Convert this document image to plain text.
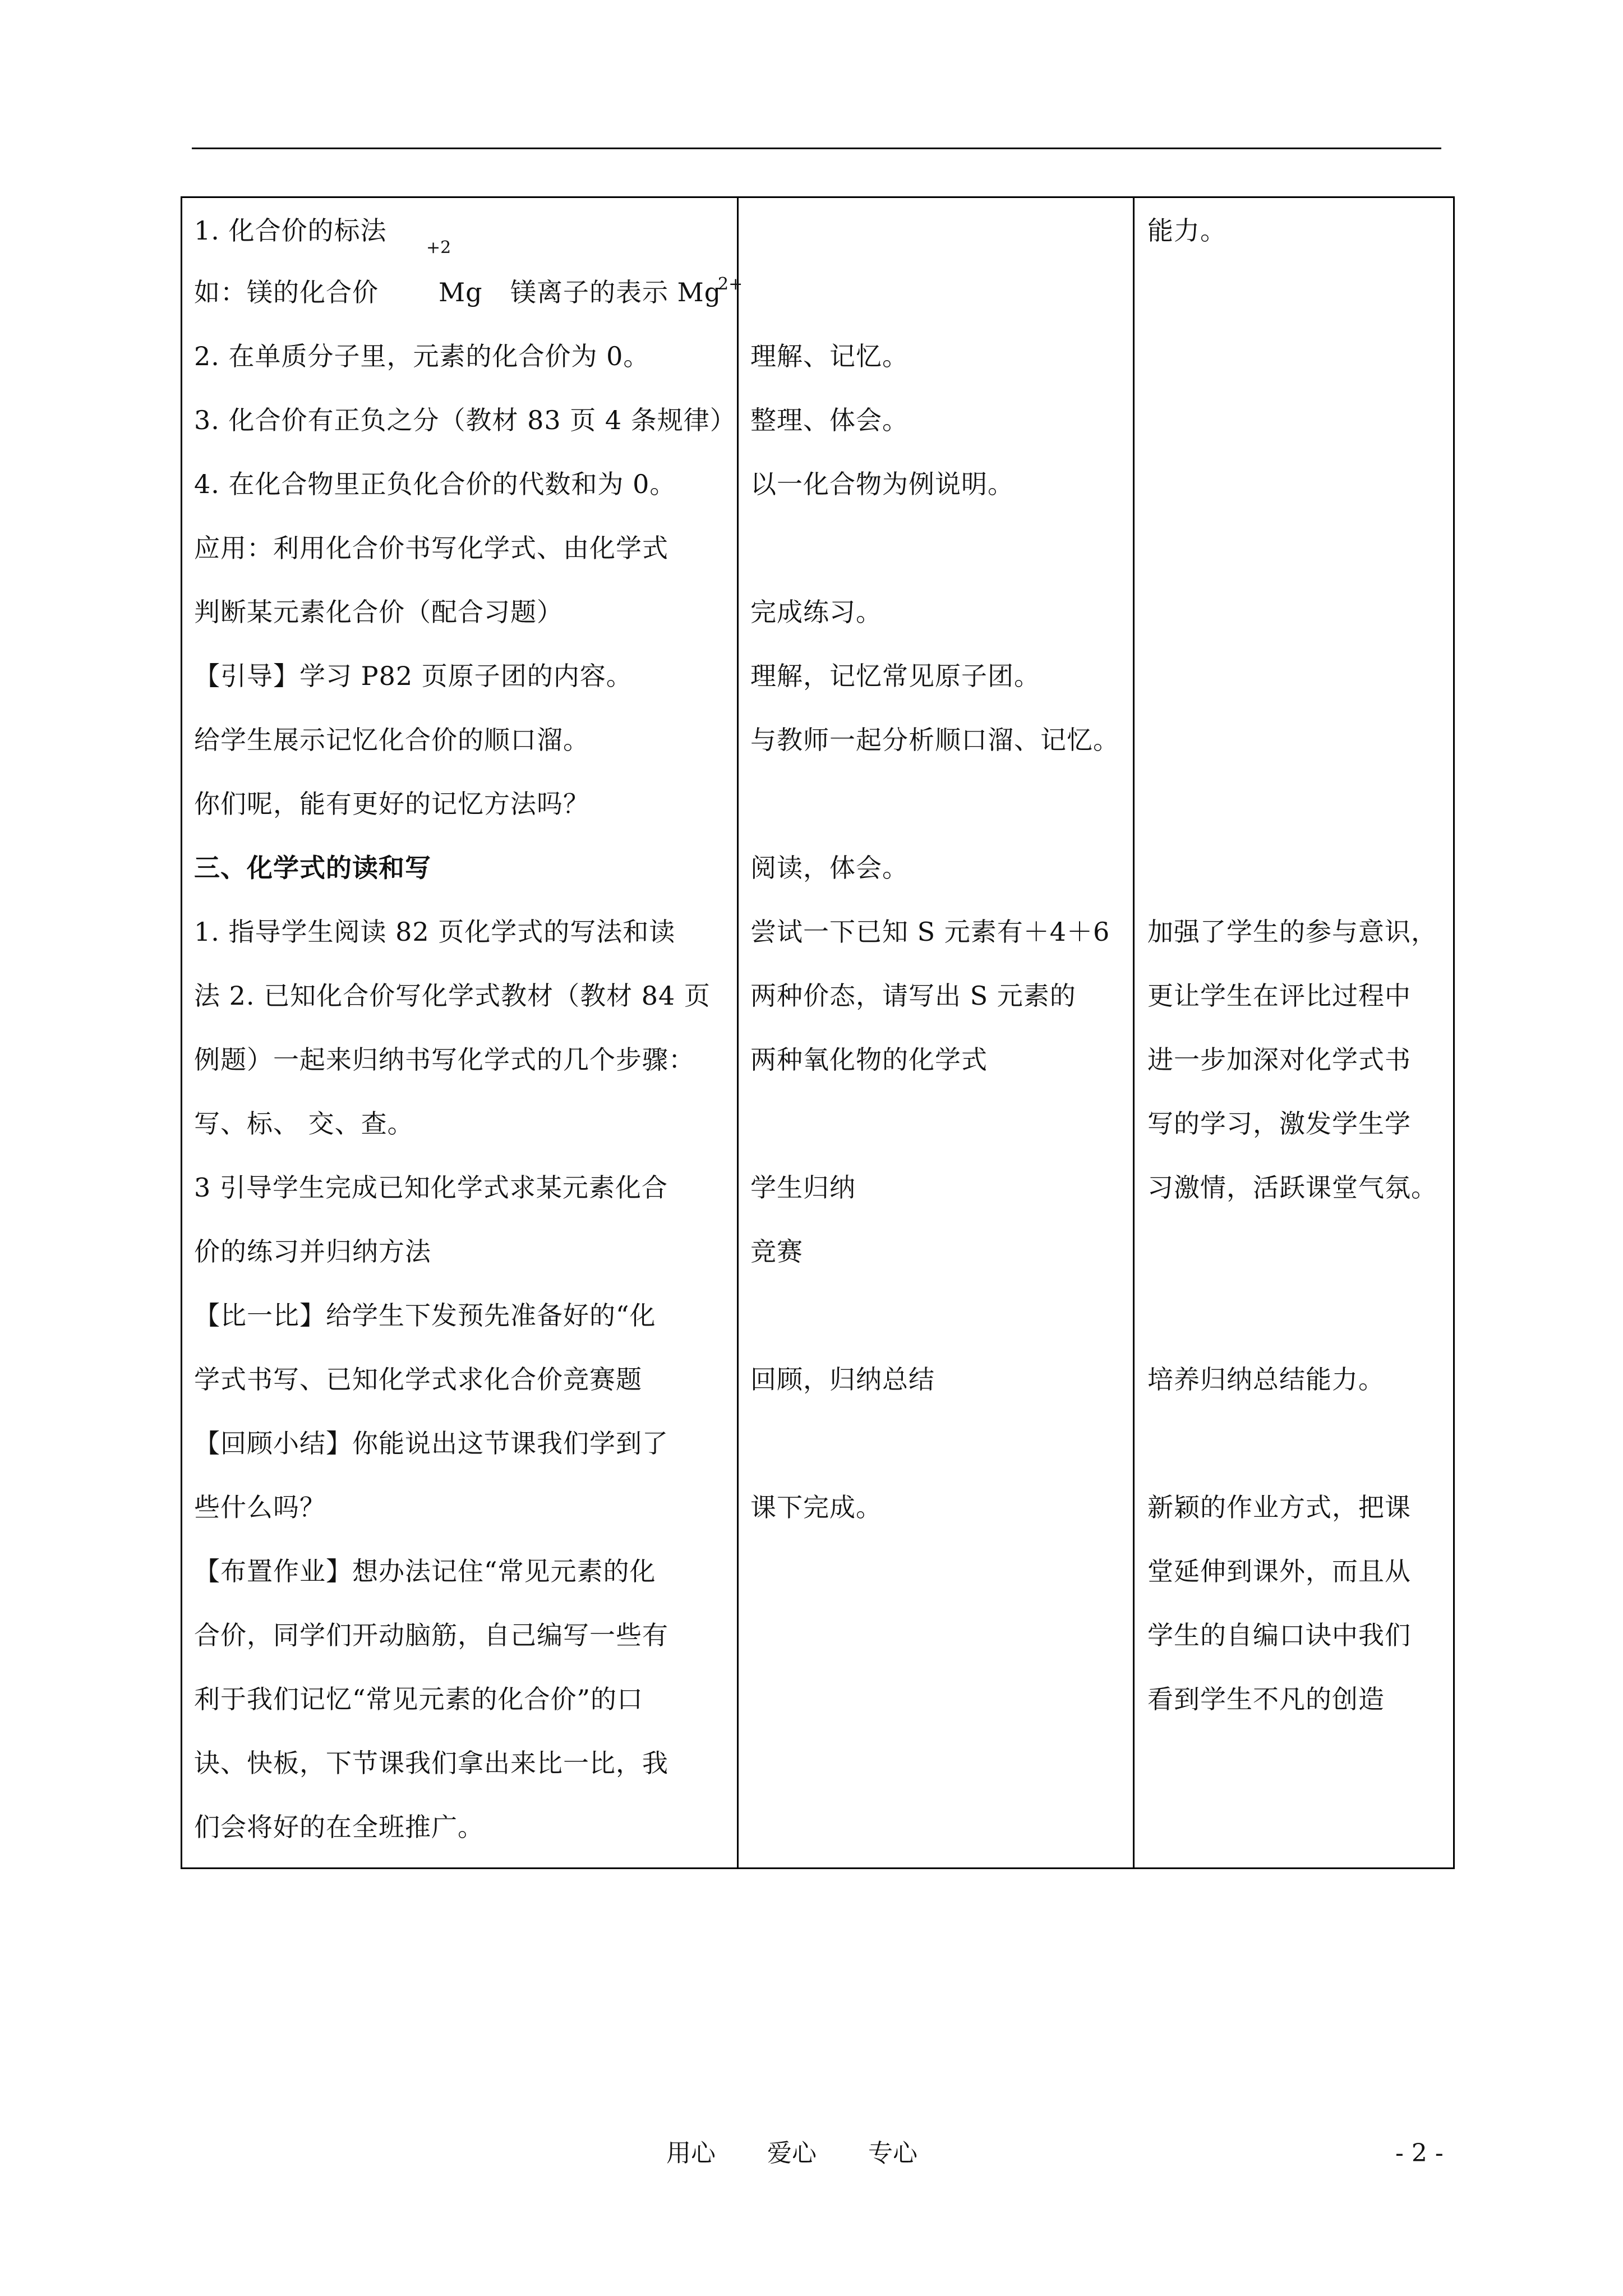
1. 化合价的标法
+2
如：镁的化合价 Mg 镁离子的表示 Mg
2+
2. 在单质分子里，元素的化合价为 0。
3. 化合价有正负之分（教材 83 页 4 条规律）
4. 在化合物里正负化合价的代数和为 0。
应用：利用化合价书写化学式、由化学式
判断某元素化合价（配合习题）
【引导】学习 P82 页原子团的内容。
给学生展示记忆化合价的顺口溜。
你们呢，能有更好的记忆方法吗？
三、化学式的读和写
1. 指导学生阅读 82 页化学式的写法和读
法 2. 已知化合价写化学式教材（教材 84 页
例题）一起来归纳书写化学式的几个步骤：
写、标、 交、查。
3 引导学生完成已知化学式求某元素化合
价的练习并归纳方法
【比一比】给学生下发预先准备好的“化
学式书写、已知化学式求化合价竞赛题
【回顾小结】你能说出这节课我们学到了
些什么吗？
【布置作业】想办法记住“常见元素的化
合价，同学们开动脑筋，自己编写一些有
利于我们记忆“常见元素的化合价”的口
诀、快板，下节课我们拿出来比一比，我
们会将好的在全班推广。
理解、记忆。
整理、体会。
以一化合物为例说明。
完成练习。
理解，记忆常见原子团。
与教师一起分析顺口溜、记忆。
阅读，体会。
尝试一下已知 S 元素有＋4＋6
两种价态，请写出 S 元素的
两种氧化物的化学式
学生归纳
竞赛
回顾，归纳总结
课下完成。
能力。
加强了学生的参与意识，
更让学生在评比过程中
进一步加深对化学式书
写的学习，激发学生学
习激情，活跃课堂气氛。
培养归纳总结能力。
新颖的作业方式，把课
堂延伸到课外，而且从
学生的自编口诀中我们
看到学生不凡的创造
用心 爱心 专心	- 2 -
